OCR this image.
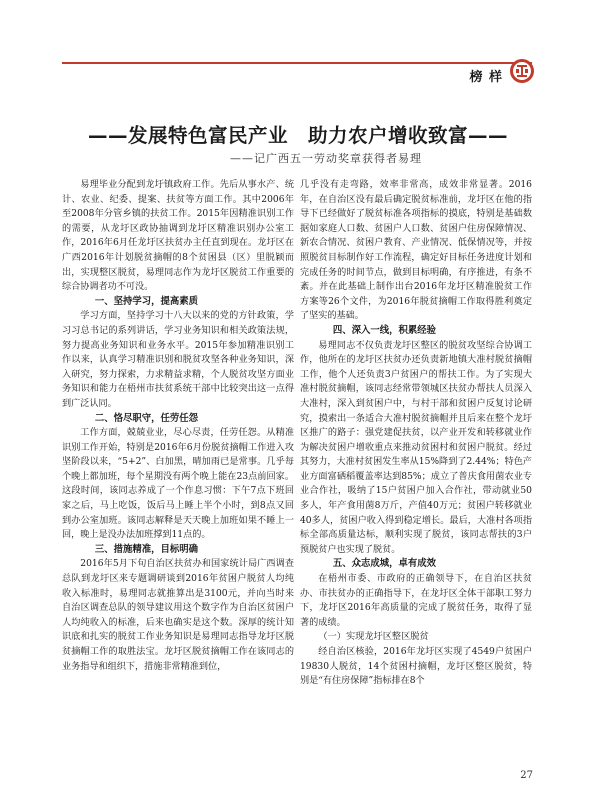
榜 样
——发展特色富民产业　助力农户增收致富——
——记广西五一劳动奖章获得者易理

易理毕业分配到龙圩镇政府工作。先后从事水产、统计、农业、纪委、提案、扶贫等方面工作。其中2006年至2008年分管乡镇的扶贫工作。2015年因精准识别工作的需要，从龙圩区政协抽调到龙圩区精准识别办公室工作，2016年6月任龙圩区扶贫办主任直到现在。龙圩区在广西2016年计划脱贫摘帽的8个贫困县（区）里脱颖而出，实现整区脱贫，易理同志作为龙圩区脱贫工作重要的综合协调者功不可没。

一、坚持学习，提高素质

学习方面，坚持学习十八大以来的党的方针政策，学习习总书记的系列讲话，学习业务知识和相关政策法规，努力提高业务知识和业务水平。2015年参加精准识别工作以来，认真学习精准识别和脱贫攻坚各种业务知识，深入研究，努力探索，力求精益求精，个人脱贫攻坚方面业务知识和能力在梧州市扶贫系统干部中比较突出这一点得到广泛认同。

二、恪尽职守，任劳任怨

工作方面，兢兢业业，尽心尽责，任劳任怨。从精准识别工作开始，特别是2016年6月份脱贫摘帽工作进入攻坚阶段以来，“5+2”、白加黑，晴加雨已是常事。几乎每个晚上都加班，每个星期没有两个晚上能在23点前回家。这段时间，该同志养成了一个作息习惯：下午7点下班回家之后，马上吃饭，饭后马上睡上半个小时，到8点又回到办公室加班。该同志解释是天天晚上加班如果不睡上一回，晚上是没办法加班撑到11点的。

三、措施精准，目标明确

2016年5月下旬自治区扶贫办和国家统计局广西调查总队到龙圩区来专题调研谈到2016年贫困户脱贫人均纯收入标准时，易理同志就推算出是3100元，并向当时来自治区调查总队的领导建议用这个数字作为自治区贫困户人均纯收入的标准，后来也确实是这个数。深厚的统计知识底和扎实的脱贫工作业务知识是易理同志指导龙圩区脱贫摘帽工作的取胜法宝。龙圩区脱贫摘帽工作在该同志的业务指导和组织下，措施非常精准到位，

几乎没有走弯路，效率非常高，成效非常显著。2016年，在自治区没有最后确定脱贫标准前，龙圩区在他的指导下已经做好了脱贫标准各项指标的摸底，特别是基础数据如家庭人口数、贫困户人口数、贫困户住房保障情况、新农合情况、贫困户教育、产业情况、低保情况等，并按照脱贫目标制作好工作流程，确定好目标任务进度计划和完成任务的时间节点，做到目标明确，有序推进，有条不紊。并在此基础上制作出台2016年龙圩区精准脱贫工作方案等26个文件，为2016年脱贫摘帽工作取得胜利奠定了坚实的基础。

四、深入一线，积累经验

易理同志不仅负责龙圩区整区的脱贫攻坚综合协调工作，他所在的龙圩区扶贫办还负责新地镇大准村脱贫摘帽工作，他个人还负责3户贫困户的帮扶工作。为了实现大准村脱贫摘帽，该同志经常带领城区扶贫办帮扶人员深入大准村，深入到贫困户中，与村干部和贫困户反复讨论研究，摸索出一条适合大准村脱贫摘帽并且后来在整个龙圩区推广的路子：强党建促扶贫，以产业开发和转移就业作为解决贫困户增收重点来推动贫困村和贫困户脱贫。经过其努力，大准村贫困发生率从15%降到了2.44%；特色产业方面富硒稻覆盖率达到85%；成立了普庆食用菌农业专业合作社，吸纳了15户贫困户加入合作社，带动就业50多人，年产食用菌8万斤，产值40万元；贫困户转移就业40多人，贫困户收入得到稳定增长。最后，大准村各项指标全部高质量达标，顺利实现了脱贫，该同志帮扶的3户预脱贫户也实现了脱贫。

五、众志成城，卓有成效

在梧州市委、市政府的正确领导下，在自治区扶贫办、市扶贫办的正确指导下，在龙圩区全体干部职工努力下，龙圩区2016年高质量的完成了脱贫任务，取得了显著的成绩。

（一）实现龙圩区整区脱贫

经自治区核验，2016年龙圩区实现了4549户贫困户19830人脱贫，14个贫困村摘帽，龙圩区整区脱贫，特别是“有住房保障”指标排在8个

27
